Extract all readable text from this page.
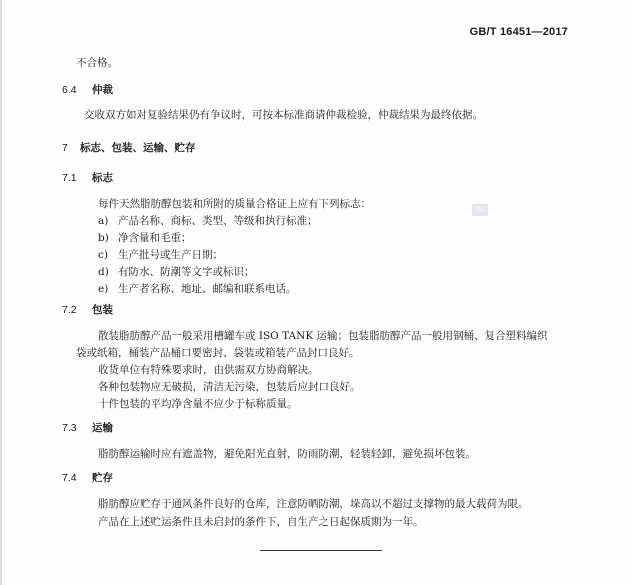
GB/T 16451—2017
不合格。
6.4 仲裁
交收双方如对复验结果仍有争议时，可按本标准商请仲裁检验，仲裁结果为最终依据。
7 标志、包装、运输、贮存
7.1 标志
每件天然脂肪醇包装和所附的质量合格证上应有下列标志：
a) 产品名称、商标、类型、等级和执行标准；
b) 净含量和毛重；
c) 生产批号或生产日期；
d) 有防水、防潮等文字或标识；
e) 生产者名称、地址、邮编和联系电话。
CNC
7.2 包装
散装脂肪醇产品一般采用槽罐车或 ISO TANK 运输；包装脂肪醇产品一般用钢桶、复合塑料编织
袋或纸箱，桶装产品桶口要密封、袋装或箱装产品封口良好。
收货单位有特殊要求时，由供需双方协商解决。
各种包装物应无破损，清洁无污染，包装后应封口良好。
十件包装的平均净含量不应少于标称质量。
7.3 运输
脂肪醇运输时应有遮盖物，避免阳光直射，防雨防潮，轻装轻卸，避免损坏包装。
7.4 贮存
脂肪醇应贮存于通风条件良好的仓库，注意防晒防潮，垛高以不超过支撑物的最大载荷为限。
产品在上述贮运条件且未启封的条件下，自生产之日起保质期为一年。
